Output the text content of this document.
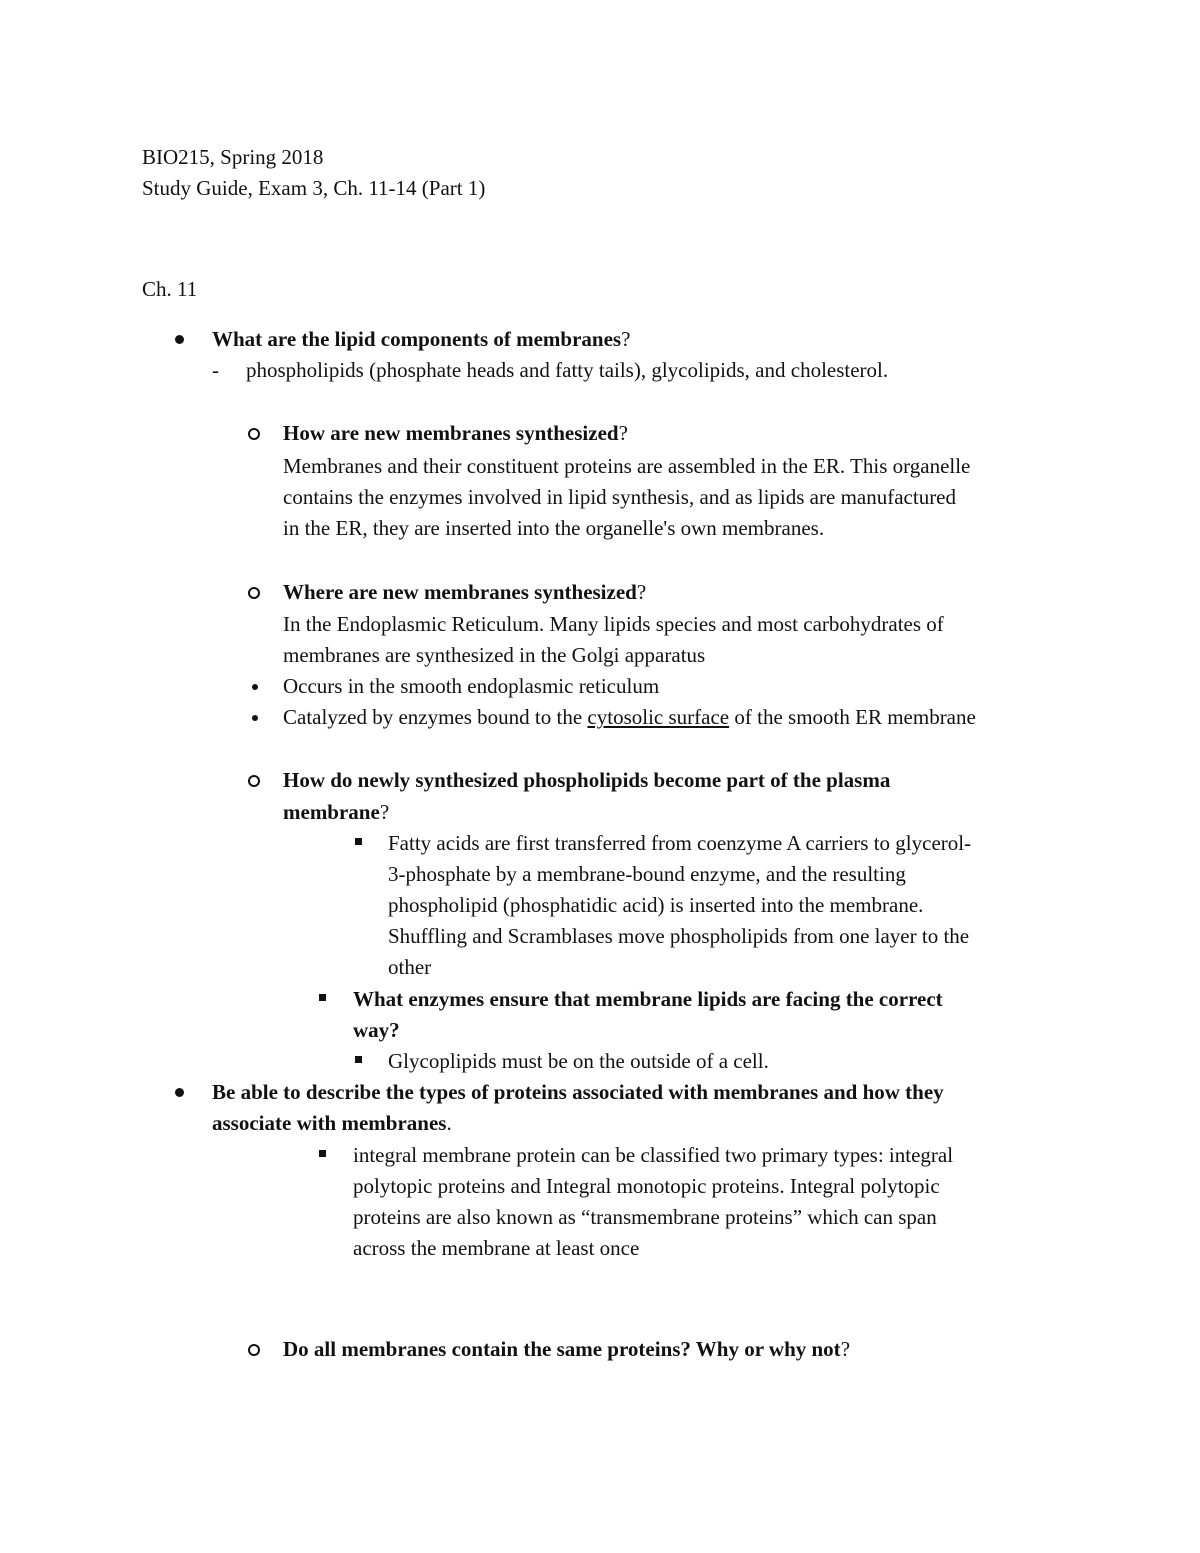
BIO215, Spring 2018
Study Guide, Exam 3, Ch. 11-14 (Part 1)
Ch. 11
What are the lipid components of membranes?
- phospholipids (phosphate heads and fatty tails), glycolipids, and cholesterol.
How are new membranes synthesized?
Membranes and their constituent proteins are assembled in the ER. This organelle
contains the enzymes involved in lipid synthesis, and as lipids are manufactured
in the ER, they are inserted into the organelle's own membranes.
Where are new membranes synthesized?
In the Endoplasmic Reticulum. Many lipids species and most carbohydrates of
membranes are synthesized in the Golgi apparatus
Occurs in the smooth endoplasmic reticulum
Catalyzed by enzymes bound to the cytosolic surface of the smooth ER membrane
How do newly synthesized phospholipids become part of the plasma
membrane?
Fatty acids are first transferred from coenzyme A carriers to glycerol-
3-phosphate by a membrane-bound enzyme, and the resulting
phospholipid (phosphatidic acid) is inserted into the membrane.
Shuffling and Scramblases move phospholipids from one layer to the
other
What enzymes ensure that membrane lipids are facing the correct
way?
Glycoplipids must be on the outside of a cell.
Be able to describe the types of proteins associated with membranes and how they
associate with membranes.
integral membrane protein can be classified two primary types: integral
polytopic proteins and Integral monotopic proteins. Integral polytopic
proteins are also known as “transmembrane proteins” which can span
across the membrane at least once
Do all membranes contain the same proteins? Why or why not?
